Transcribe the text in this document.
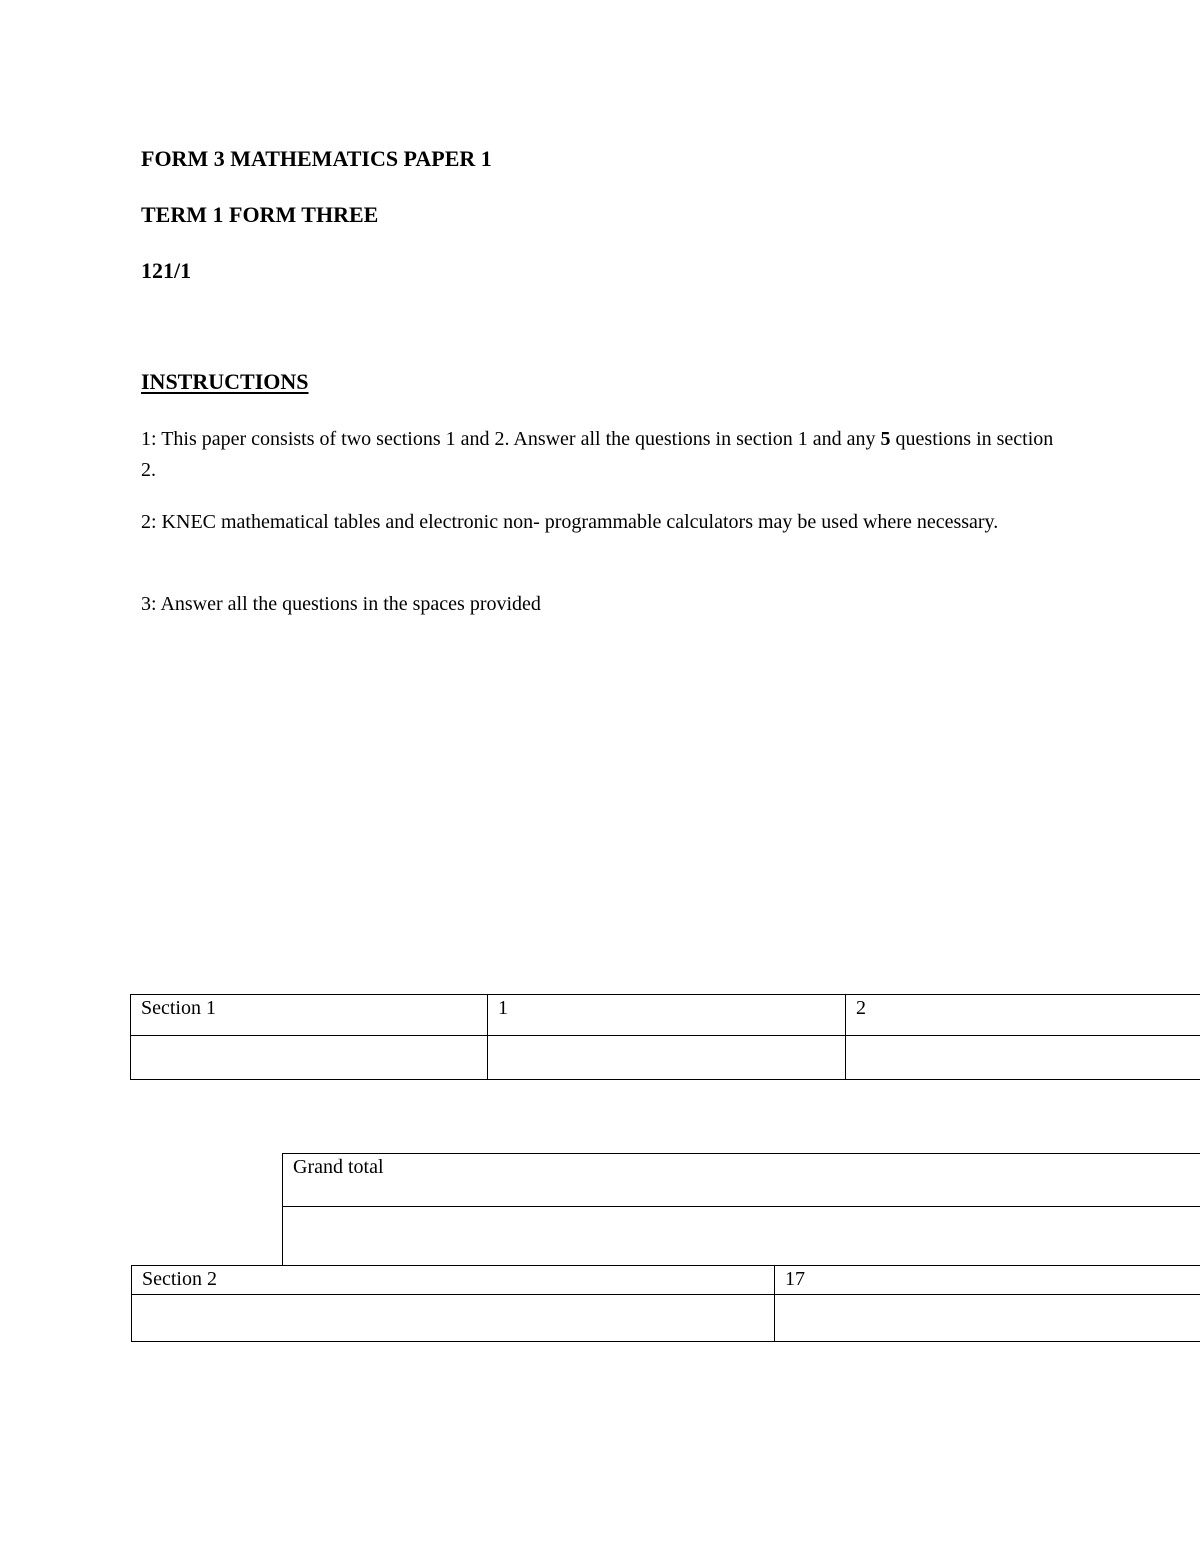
FORM 3 MATHEMATICS PAPER 1

TERM 1 FORM THREE

121/1

INSTRUCTIONS

1: This paper consists of two sections 1 and 2. Answer all the questions in section 1 and any 5 questions in section 2.

2: KNEC mathematical tables and electronic non- programmable calculators may be used where necessary.

3: Answer all the questions in the spaces provided

Section 1	1	2

Grand total

Section 2	17
